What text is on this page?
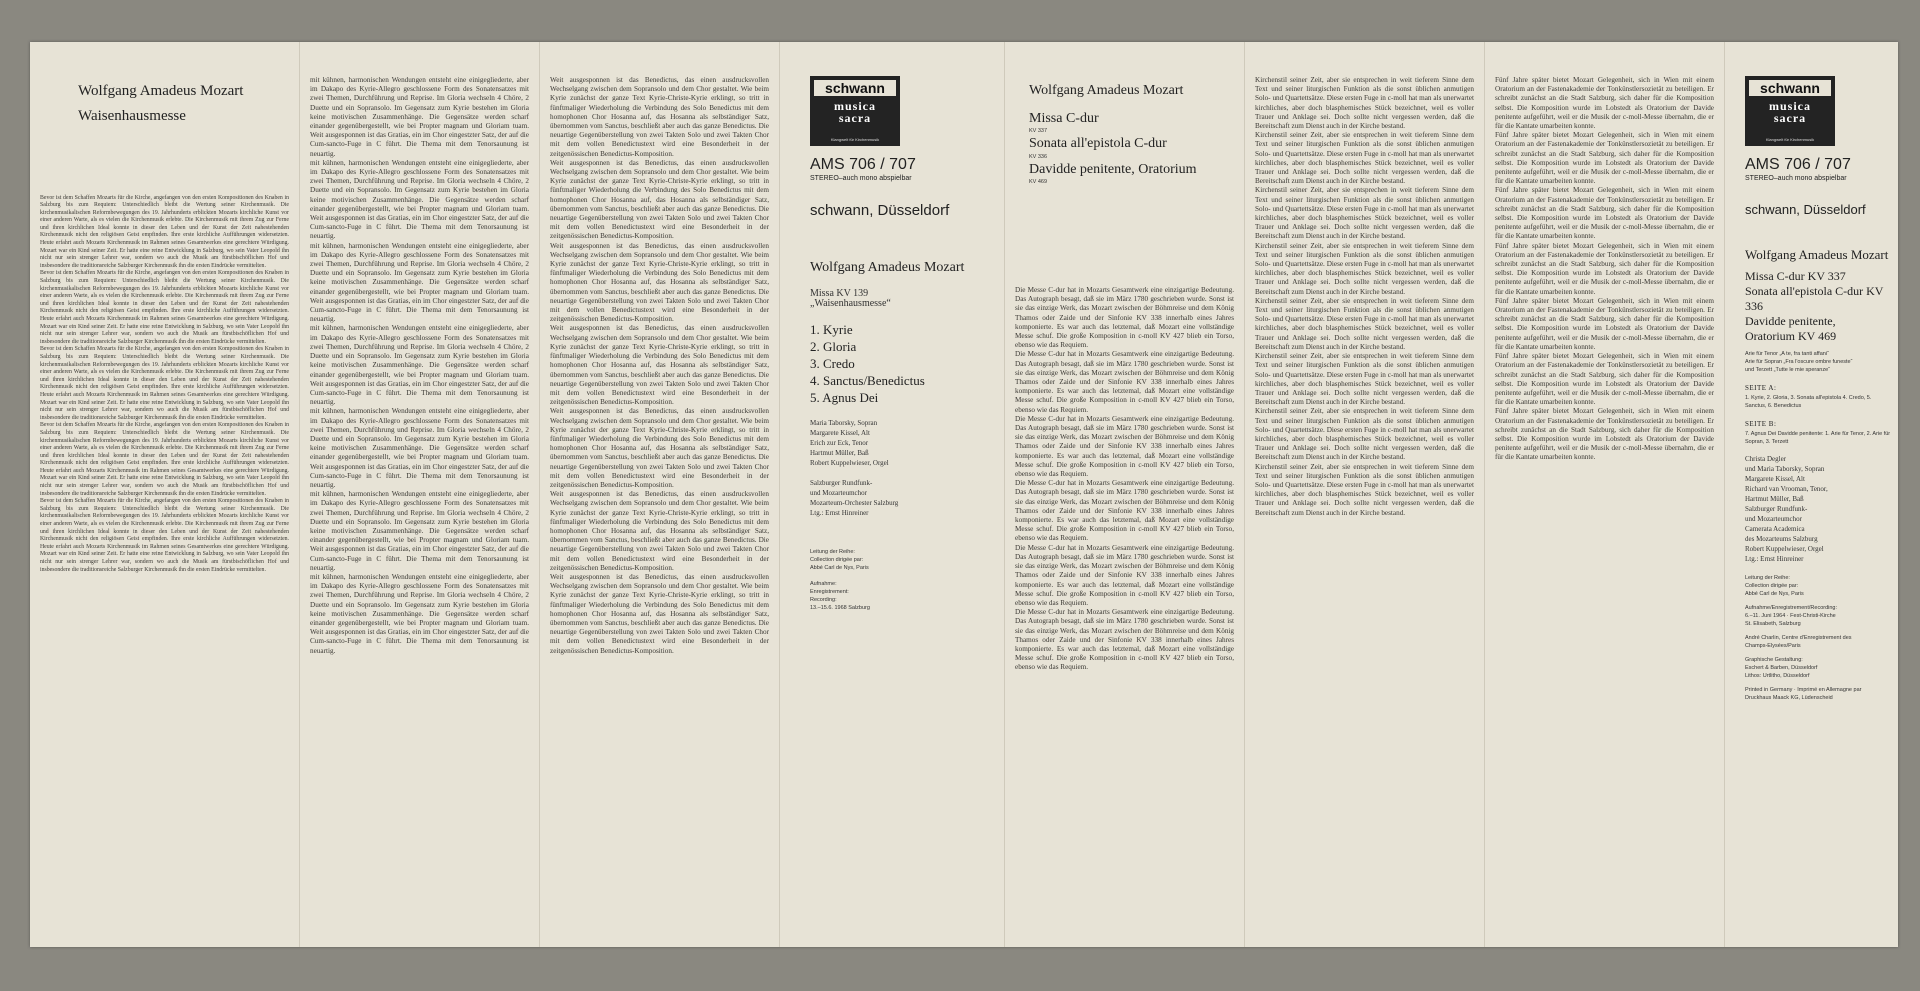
Wolfgang Amadeus Mozart
Waisenhausmesse

Bevor ist dem Schaffen Mozarts für die Kirche, angefangen von den ersten Kompositionen des Knaben in Salzburg bis zum Requiem: Unterschiedlich bleibt die Wertung seiner Kirchenmusik. Die kirchenmusikalischen Reformbewegungen des 19. Jahrhunderts erblickten Mozarts kirchliche Kunst vor einer anderen Warte, als es vielen die Kirchenmusik erlebte. Die Kirchenmusik mit ihrem Zug zur Ferne und ihren kirchlichen Ideal konnte in dieser den Leben und der Kunst der Zeit nahestehenden Kirchenmusik nicht den religiösen Geist empfinden. Ihre erste kirchliche Aufführungen widersetzten. Heute erfahrt auch Mozarts Kirchenmusik im Rahmen seines Gesamtwerkes eine gerechtere Würdigung. Mozart war ein Kind seiner Zeit. Er hatte eine reine Entwicklung in Salzburg, wo sein Vater Leopold ihn nicht nur sein strenger Lehrer war, sondern wo auch die Musik am fürstbischöflichen Hof und insbesondere die traditionsreiche Salzburger Kirchenmusik ihn die ersten Eindrücke vermittelten.

Bevor ist dem Schaffen Mozarts für die Kirche, angefangen von den ersten Kompositionen des Knaben in Salzburg bis zum Requiem: Unterschiedlich bleibt die Wertung seiner Kirchenmusik. Die kirchenmusikalischen Reformbewegungen des 19. Jahrhunderts erblickten Mozarts kirchliche Kunst vor einer anderen Warte, als es vielen die Kirchenmusik erlebte. Die Kirchenmusik mit ihrem Zug zur Ferne und ihren kirchlichen Ideal konnte in dieser den Leben und der Kunst der Zeit nahestehenden Kirchenmusik nicht den religiösen Geist empfinden. Ihre erste kirchliche Aufführungen widersetzten. Heute erfahrt auch Mozarts Kirchenmusik im Rahmen seines Gesamtwerkes eine gerechtere Würdigung. Mozart war ein Kind seiner Zeit. Er hatte eine reine Entwicklung in Salzburg, wo sein Vater Leopold ihn nicht nur sein strenger Lehrer war, sondern wo auch die Musik am fürstbischöflichen Hof und insbesondere die traditionsreiche Salzburger Kirchenmusik ihn die ersten Eindrücke vermittelten.

Bevor ist dem Schaffen Mozarts für die Kirche, angefangen von den ersten Kompositionen des Knaben in Salzburg bis zum Requiem: Unterschiedlich bleibt die Wertung seiner Kirchenmusik. Die kirchenmusikalischen Reformbewegungen des 19. Jahrhunderts erblickten Mozarts kirchliche Kunst vor einer anderen Warte, als es vielen die Kirchenmusik erlebte. Die Kirchenmusik mit ihrem Zug zur Ferne und ihren kirchlichen Ideal konnte in dieser den Leben und der Kunst der Zeit nahestehenden Kirchenmusik nicht den religiösen Geist empfinden. Ihre erste kirchliche Aufführungen widersetzten. Heute erfahrt auch Mozarts Kirchenmusik im Rahmen seines Gesamtwerkes eine gerechtere Würdigung. Mozart war ein Kind seiner Zeit. Er hatte eine reine Entwicklung in Salzburg, wo sein Vater Leopold ihn nicht nur sein strenger Lehrer war, sondern wo auch die Musik am fürstbischöflichen Hof und insbesondere die traditionsreiche Salzburger Kirchenmusik ihn die ersten Eindrücke vermittelten.

Bevor ist dem Schaffen Mozarts für die Kirche, angefangen von den ersten Kompositionen des Knaben in Salzburg bis zum Requiem: Unterschiedlich bleibt die Wertung seiner Kirchenmusik. Die kirchenmusikalischen Reformbewegungen des 19. Jahrhunderts erblickten Mozarts kirchliche Kunst vor einer anderen Warte, als es vielen die Kirchenmusik erlebte. Die Kirchenmusik mit ihrem Zug zur Ferne und ihren kirchlichen Ideal konnte in dieser den Leben und der Kunst der Zeit nahestehenden Kirchenmusik nicht den religiösen Geist empfinden. Ihre erste kirchliche Aufführungen widersetzten. Heute erfahrt auch Mozarts Kirchenmusik im Rahmen seines Gesamtwerkes eine gerechtere Würdigung. Mozart war ein Kind seiner Zeit. Er hatte eine reine Entwicklung in Salzburg, wo sein Vater Leopold ihn nicht nur sein strenger Lehrer war, sondern wo auch die Musik am fürstbischöflichen Hof und insbesondere die traditionsreiche Salzburger Kirchenmusik ihn die ersten Eindrücke vermittelten.

Bevor ist dem Schaffen Mozarts für die Kirche, angefangen von den ersten Kompositionen des Knaben in Salzburg bis zum Requiem: Unterschiedlich bleibt die Wertung seiner Kirchenmusik. Die kirchenmusikalischen Reformbewegungen des 19. Jahrhunderts erblickten Mozarts kirchliche Kunst vor einer anderen Warte, als es vielen die Kirchenmusik erlebte. Die Kirchenmusik mit ihrem Zug zur Ferne und ihren kirchlichen Ideal konnte in dieser den Leben und der Kunst der Zeit nahestehenden Kirchenmusik nicht den religiösen Geist empfinden. Ihre erste kirchliche Aufführungen widersetzten. Heute erfahrt auch Mozarts Kirchenmusik im Rahmen seines Gesamtwerkes eine gerechtere Würdigung. Mozart war ein Kind seiner Zeit. Er hatte eine reine Entwicklung in Salzburg, wo sein Vater Leopold ihn nicht nur sein strenger Lehrer war, sondern wo auch die Musik am fürstbischöflichen Hof und insbesondere die traditionsreiche Salzburger Kirchenmusik ihn die ersten Eindrücke vermittelten.

mit kühnen, harmonischen Wendungen entsteht eine einigegliederte, aber im Dakapo des Kyrie-Allegro geschlossene Form des Sonatensatzes mit zwei Themen, Durchführung und Reprise. Im Gloria wechseln 4 Chöre, 2 Duette und ein Sopransolo. Im Gegensatz zum Kyrie bestehen im Gloria keine motivischen Zusammenhänge. Die Gegensätze werden scharf einander gegenübergestellt, wie bei Propter magnam und Gloriam tuam. Weit ausgesponnen ist das Gratias, ein im Chor eingestzter Satz, der auf die Cum-sancto-Fuge in C führt. Die Thema mit dem Tenorsaunung ist neuartig.

mit kühnen, harmonischen Wendungen entsteht eine einigegliederte, aber im Dakapo des Kyrie-Allegro geschlossene Form des Sonatensatzes mit zwei Themen, Durchführung und Reprise. Im Gloria wechseln 4 Chöre, 2 Duette und ein Sopransolo. Im Gegensatz zum Kyrie bestehen im Gloria keine motivischen Zusammenhänge. Die Gegensätze werden scharf einander gegenübergestellt, wie bei Propter magnam und Gloriam tuam. Weit ausgesponnen ist das Gratias, ein im Chor eingestzter Satz, der auf die Cum-sancto-Fuge in C führt. Die Thema mit dem Tenorsaunung ist neuartig.

mit kühnen, harmonischen Wendungen entsteht eine einigegliederte, aber im Dakapo des Kyrie-Allegro geschlossene Form des Sonatensatzes mit zwei Themen, Durchführung und Reprise. Im Gloria wechseln 4 Chöre, 2 Duette und ein Sopransolo. Im Gegensatz zum Kyrie bestehen im Gloria keine motivischen Zusammenhänge. Die Gegensätze werden scharf einander gegenübergestellt, wie bei Propter magnam und Gloriam tuam. Weit ausgesponnen ist das Gratias, ein im Chor eingestzter Satz, der auf die Cum-sancto-Fuge in C führt. Die Thema mit dem Tenorsaunung ist neuartig.

mit kühnen, harmonischen Wendungen entsteht eine einigegliederte, aber im Dakapo des Kyrie-Allegro geschlossene Form des Sonatensatzes mit zwei Themen, Durchführung und Reprise. Im Gloria wechseln 4 Chöre, 2 Duette und ein Sopransolo. Im Gegensatz zum Kyrie bestehen im Gloria keine motivischen Zusammenhänge. Die Gegensätze werden scharf einander gegenübergestellt, wie bei Propter magnam und Gloriam tuam. Weit ausgesponnen ist das Gratias, ein im Chor eingestzter Satz, der auf die Cum-sancto-Fuge in C führt. Die Thema mit dem Tenorsaunung ist neuartig.

mit kühnen, harmonischen Wendungen entsteht eine einigegliederte, aber im Dakapo des Kyrie-Allegro geschlossene Form des Sonatensatzes mit zwei Themen, Durchführung und Reprise. Im Gloria wechseln 4 Chöre, 2 Duette und ein Sopransolo. Im Gegensatz zum Kyrie bestehen im Gloria keine motivischen Zusammenhänge. Die Gegensätze werden scharf einander gegenübergestellt, wie bei Propter magnam und Gloriam tuam. Weit ausgesponnen ist das Gratias, ein im Chor eingestzter Satz, der auf die Cum-sancto-Fuge in C führt. Die Thema mit dem Tenorsaunung ist neuartig.

mit kühnen, harmonischen Wendungen entsteht eine einigegliederte, aber im Dakapo des Kyrie-Allegro geschlossene Form des Sonatensatzes mit zwei Themen, Durchführung und Reprise. Im Gloria wechseln 4 Chöre, 2 Duette und ein Sopransolo. Im Gegensatz zum Kyrie bestehen im Gloria keine motivischen Zusammenhänge. Die Gegensätze werden scharf einander gegenübergestellt, wie bei Propter magnam und Gloriam tuam. Weit ausgesponnen ist das Gratias, ein im Chor eingestzter Satz, der auf die Cum-sancto-Fuge in C führt. Die Thema mit dem Tenorsaunung ist neuartig.

mit kühnen, harmonischen Wendungen entsteht eine einigegliederte, aber im Dakapo des Kyrie-Allegro geschlossene Form des Sonatensatzes mit zwei Themen, Durchführung und Reprise. Im Gloria wechseln 4 Chöre, 2 Duette und ein Sopransolo. Im Gegensatz zum Kyrie bestehen im Gloria keine motivischen Zusammenhänge. Die Gegensätze werden scharf einander gegenübergestellt, wie bei Propter magnam und Gloriam tuam. Weit ausgesponnen ist das Gratias, ein im Chor eingestzter Satz, der auf die Cum-sancto-Fuge in C führt. Die Thema mit dem Tenorsaunung ist neuartig.

Weit ausgesponnen ist das Benedictus, das einen ausdrucksvollen Wechselgang zwischen dem Sopransolo und dem Chor gestaltet. Wie beim Kyrie zunächst der ganze Text Kyrie-Christe-Kyrie erklingt, so tritt in fünftmaliger Wiederholung die Verbindung des Solo Benedictus mit dem homophonen Chor Hosanna auf, das Hosanna als selbständiger Satz, übernommen vom Sanctus, beschließt aber auch das ganze Benedictus. Die neuartige Gegenüberstellung von zwei Takten Solo und zwei Takten Chor mit dem vollen Benedictustext wird eine Besonderheit in der zeitgenössischen Benedictus-Komposition.

Weit ausgesponnen ist das Benedictus, das einen ausdrucksvollen Wechselgang zwischen dem Sopransolo und dem Chor gestaltet. Wie beim Kyrie zunächst der ganze Text Kyrie-Christe-Kyrie erklingt, so tritt in fünftmaliger Wiederholung die Verbindung des Solo Benedictus mit dem homophonen Chor Hosanna auf, das Hosanna als selbständiger Satz, übernommen vom Sanctus, beschließt aber auch das ganze Benedictus. Die neuartige Gegenüberstellung von zwei Takten Solo und zwei Takten Chor mit dem vollen Benedictustext wird eine Besonderheit in der zeitgenössischen Benedictus-Komposition.

Weit ausgesponnen ist das Benedictus, das einen ausdrucksvollen Wechselgang zwischen dem Sopransolo und dem Chor gestaltet. Wie beim Kyrie zunächst der ganze Text Kyrie-Christe-Kyrie erklingt, so tritt in fünftmaliger Wiederholung die Verbindung des Solo Benedictus mit dem homophonen Chor Hosanna auf, das Hosanna als selbständiger Satz, übernommen vom Sanctus, beschließt aber auch das ganze Benedictus. Die neuartige Gegenüberstellung von zwei Takten Solo und zwei Takten Chor mit dem vollen Benedictustext wird eine Besonderheit in der zeitgenössischen Benedictus-Komposition.

Weit ausgesponnen ist das Benedictus, das einen ausdrucksvollen Wechselgang zwischen dem Sopransolo und dem Chor gestaltet. Wie beim Kyrie zunächst der ganze Text Kyrie-Christe-Kyrie erklingt, so tritt in fünftmaliger Wiederholung die Verbindung des Solo Benedictus mit dem homophonen Chor Hosanna auf, das Hosanna als selbständiger Satz, übernommen vom Sanctus, beschließt aber auch das ganze Benedictus. Die neuartige Gegenüberstellung von zwei Takten Solo und zwei Takten Chor mit dem vollen Benedictustext wird eine Besonderheit in der zeitgenössischen Benedictus-Komposition.

Weit ausgesponnen ist das Benedictus, das einen ausdrucksvollen Wechselgang zwischen dem Sopransolo und dem Chor gestaltet. Wie beim Kyrie zunächst der ganze Text Kyrie-Christe-Kyrie erklingt, so tritt in fünftmaliger Wiederholung die Verbindung des Solo Benedictus mit dem homophonen Chor Hosanna auf, das Hosanna als selbständiger Satz, übernommen vom Sanctus, beschließt aber auch das ganze Benedictus. Die neuartige Gegenüberstellung von zwei Takten Solo und zwei Takten Chor mit dem vollen Benedictustext wird eine Besonderheit in der zeitgenössischen Benedictus-Komposition.

Weit ausgesponnen ist das Benedictus, das einen ausdrucksvollen Wechselgang zwischen dem Sopransolo und dem Chor gestaltet. Wie beim Kyrie zunächst der ganze Text Kyrie-Christe-Kyrie erklingt, so tritt in fünftmaliger Wiederholung die Verbindung des Solo Benedictus mit dem homophonen Chor Hosanna auf, das Hosanna als selbständiger Satz, übernommen vom Sanctus, beschließt aber auch das ganze Benedictus. Die neuartige Gegenüberstellung von zwei Takten Solo und zwei Takten Chor mit dem vollen Benedictustext wird eine Besonderheit in der zeitgenössischen Benedictus-Komposition.

Weit ausgesponnen ist das Benedictus, das einen ausdrucksvollen Wechselgang zwischen dem Sopransolo und dem Chor gestaltet. Wie beim Kyrie zunächst der ganze Text Kyrie-Christe-Kyrie erklingt, so tritt in fünftmaliger Wiederholung die Verbindung des Solo Benedictus mit dem homophonen Chor Hosanna auf, das Hosanna als selbständiger Satz, übernommen vom Sanctus, beschließt aber auch das ganze Benedictus. Die neuartige Gegenüberstellung von zwei Takten Solo und zwei Takten Chor mit dem vollen Benedictustext wird eine Besonderheit in der zeitgenössischen Benedictus-Komposition.

schwann
musica sacra
Klangwelt für Kirchenmusik
AMS 706 / 707
STEREO–auch mono abspielbar
schwann, Düsseldorf

Wolfgang Amadeus Mozart

Missa KV 139

„Waisenhausmesse“

1. Kyrie
2. Gloria
3. Credo
4. Sanctus/Benedictus
5. Agnus Dei

Maria Taborsky, Sopran

Margarete Kissel, Alt

Erich zur Eck, Tenor

Hartmut Müller, Baß

Robert Kuppelwieser, Orgel

Salzburger Rundfunk-

und Mozarteumchor

Mozarteum-Orchester Salzburg

Ltg.: Ernst Hinreiner

Leitung der Reihe:

Collection dirigée par:

Abbé Carl de Nys, Paris

Aufnahme:

Enregistrement:

Recording:

13.–15.6. 1968 Salzburg

Wolfgang Amadeus Mozart

Missa C-dur

KV 337

Sonata all'epistola C-dur

KV 336

Davidde penitente, Oratorium

KV 469

Die Messe C-dur hat in Mozarts Gesamtwerk eine einzigartige Bedeutung. Das Autograph besagt, daß sie im März 1780 geschrieben wurde. Sonst ist sie das einzige Werk, das Mozart zwischen der Böhmreise und dem König Thamos oder Zaide und der Sinfonie KV 338 innerhalb eines Jahres komponierte. Es war auch das letztemal, daß Mozart eine vollständige Messe schuf. Die große Komposition in c-moll KV 427 blieb ein Torso, ebenso wie das Requiem.

Die Messe C-dur hat in Mozarts Gesamtwerk eine einzigartige Bedeutung. Das Autograph besagt, daß sie im März 1780 geschrieben wurde. Sonst ist sie das einzige Werk, das Mozart zwischen der Böhmreise und dem König Thamos oder Zaide und der Sinfonie KV 338 innerhalb eines Jahres komponierte. Es war auch das letztemal, daß Mozart eine vollständige Messe schuf. Die große Komposition in c-moll KV 427 blieb ein Torso, ebenso wie das Requiem.

Die Messe C-dur hat in Mozarts Gesamtwerk eine einzigartige Bedeutung. Das Autograph besagt, daß sie im März 1780 geschrieben wurde. Sonst ist sie das einzige Werk, das Mozart zwischen der Böhmreise und dem König Thamos oder Zaide und der Sinfonie KV 338 innerhalb eines Jahres komponierte. Es war auch das letztemal, daß Mozart eine vollständige Messe schuf. Die große Komposition in c-moll KV 427 blieb ein Torso, ebenso wie das Requiem.

Die Messe C-dur hat in Mozarts Gesamtwerk eine einzigartige Bedeutung. Das Autograph besagt, daß sie im März 1780 geschrieben wurde. Sonst ist sie das einzige Werk, das Mozart zwischen der Böhmreise und dem König Thamos oder Zaide und der Sinfonie KV 338 innerhalb eines Jahres komponierte. Es war auch das letztemal, daß Mozart eine vollständige Messe schuf. Die große Komposition in c-moll KV 427 blieb ein Torso, ebenso wie das Requiem.

Die Messe C-dur hat in Mozarts Gesamtwerk eine einzigartige Bedeutung. Das Autograph besagt, daß sie im März 1780 geschrieben wurde. Sonst ist sie das einzige Werk, das Mozart zwischen der Böhmreise und dem König Thamos oder Zaide und der Sinfonie KV 338 innerhalb eines Jahres komponierte. Es war auch das letztemal, daß Mozart eine vollständige Messe schuf. Die große Komposition in c-moll KV 427 blieb ein Torso, ebenso wie das Requiem.

Die Messe C-dur hat in Mozarts Gesamtwerk eine einzigartige Bedeutung. Das Autograph besagt, daß sie im März 1780 geschrieben wurde. Sonst ist sie das einzige Werk, das Mozart zwischen der Böhmreise und dem König Thamos oder Zaide und der Sinfonie KV 338 innerhalb eines Jahres komponierte. Es war auch das letztemal, daß Mozart eine vollständige Messe schuf. Die große Komposition in c-moll KV 427 blieb ein Torso, ebenso wie das Requiem.

Kirchenstil seiner Zeit, aber sie entsprechen in weit tieferem Sinne dem Text und seiner liturgischen Funktion als die sonst üblichen anmutigen Solo- und Quartettsätze. Diese ersten Fuge in c-moll hat man als unerwartet kirchliches, aber doch blasphemisches Stück bezeichnet, weil es voller Trauer und Anklage sei. Doch sollte nicht vergessen werden, daß die Bereitschaft zum Dienst auch in der Kirche bestand.

Kirchenstil seiner Zeit, aber sie entsprechen in weit tieferem Sinne dem Text und seiner liturgischen Funktion als die sonst üblichen anmutigen Solo- und Quartettsätze. Diese ersten Fuge in c-moll hat man als unerwartet kirchliches, aber doch blasphemisches Stück bezeichnet, weil es voller Trauer und Anklage sei. Doch sollte nicht vergessen werden, daß die Bereitschaft zum Dienst auch in der Kirche bestand.

Kirchenstil seiner Zeit, aber sie entsprechen in weit tieferem Sinne dem Text und seiner liturgischen Funktion als die sonst üblichen anmutigen Solo- und Quartettsätze. Diese ersten Fuge in c-moll hat man als unerwartet kirchliches, aber doch blasphemisches Stück bezeichnet, weil es voller Trauer und Anklage sei. Doch sollte nicht vergessen werden, daß die Bereitschaft zum Dienst auch in der Kirche bestand.

Kirchenstil seiner Zeit, aber sie entsprechen in weit tieferem Sinne dem Text und seiner liturgischen Funktion als die sonst üblichen anmutigen Solo- und Quartettsätze. Diese ersten Fuge in c-moll hat man als unerwartet kirchliches, aber doch blasphemisches Stück bezeichnet, weil es voller Trauer und Anklage sei. Doch sollte nicht vergessen werden, daß die Bereitschaft zum Dienst auch in der Kirche bestand.

Kirchenstil seiner Zeit, aber sie entsprechen in weit tieferem Sinne dem Text und seiner liturgischen Funktion als die sonst üblichen anmutigen Solo- und Quartettsätze. Diese ersten Fuge in c-moll hat man als unerwartet kirchliches, aber doch blasphemisches Stück bezeichnet, weil es voller Trauer und Anklage sei. Doch sollte nicht vergessen werden, daß die Bereitschaft zum Dienst auch in der Kirche bestand.

Kirchenstil seiner Zeit, aber sie entsprechen in weit tieferem Sinne dem Text und seiner liturgischen Funktion als die sonst üblichen anmutigen Solo- und Quartettsätze. Diese ersten Fuge in c-moll hat man als unerwartet kirchliches, aber doch blasphemisches Stück bezeichnet, weil es voller Trauer und Anklage sei. Doch sollte nicht vergessen werden, daß die Bereitschaft zum Dienst auch in der Kirche bestand.

Kirchenstil seiner Zeit, aber sie entsprechen in weit tieferem Sinne dem Text und seiner liturgischen Funktion als die sonst üblichen anmutigen Solo- und Quartettsätze. Diese ersten Fuge in c-moll hat man als unerwartet kirchliches, aber doch blasphemisches Stück bezeichnet, weil es voller Trauer und Anklage sei. Doch sollte nicht vergessen werden, daß die Bereitschaft zum Dienst auch in der Kirche bestand.

Kirchenstil seiner Zeit, aber sie entsprechen in weit tieferem Sinne dem Text und seiner liturgischen Funktion als die sonst üblichen anmutigen Solo- und Quartettsätze. Diese ersten Fuge in c-moll hat man als unerwartet kirchliches, aber doch blasphemisches Stück bezeichnet, weil es voller Trauer und Anklage sei. Doch sollte nicht vergessen werden, daß die Bereitschaft zum Dienst auch in der Kirche bestand.

Fünf Jahre später bietet Mozart Gelegenheit, sich in Wien mit einem Oratorium an der Fastenakademie der Tonkünstlersozietät zu beteiligen. Er schreibt zunächst an die Stadt Salzburg, sich daher für die Komposition selbst. Die Komposition wurde im Lobstedt als Oratorium der Davide penitente aufgeführt, weil er die Musik der c-moll-Messe übernahm, die er für die Kantate umarbeiten konnte.

Fünf Jahre später bietet Mozart Gelegenheit, sich in Wien mit einem Oratorium an der Fastenakademie der Tonkünstlersozietät zu beteiligen. Er schreibt zunächst an die Stadt Salzburg, sich daher für die Komposition selbst. Die Komposition wurde im Lobstedt als Oratorium der Davide penitente aufgeführt, weil er die Musik der c-moll-Messe übernahm, die er für die Kantate umarbeiten konnte.

Fünf Jahre später bietet Mozart Gelegenheit, sich in Wien mit einem Oratorium an der Fastenakademie der Tonkünstlersozietät zu beteiligen. Er schreibt zunächst an die Stadt Salzburg, sich daher für die Komposition selbst. Die Komposition wurde im Lobstedt als Oratorium der Davide penitente aufgeführt, weil er die Musik der c-moll-Messe übernahm, die er für die Kantate umarbeiten konnte.

Fünf Jahre später bietet Mozart Gelegenheit, sich in Wien mit einem Oratorium an der Fastenakademie der Tonkünstlersozietät zu beteiligen. Er schreibt zunächst an die Stadt Salzburg, sich daher für die Komposition selbst. Die Komposition wurde im Lobstedt als Oratorium der Davide penitente aufgeführt, weil er die Musik der c-moll-Messe übernahm, die er für die Kantate umarbeiten konnte.

Fünf Jahre später bietet Mozart Gelegenheit, sich in Wien mit einem Oratorium an der Fastenakademie der Tonkünstlersozietät zu beteiligen. Er schreibt zunächst an die Stadt Salzburg, sich daher für die Komposition selbst. Die Komposition wurde im Lobstedt als Oratorium der Davide penitente aufgeführt, weil er die Musik der c-moll-Messe übernahm, die er für die Kantate umarbeiten konnte.

Fünf Jahre später bietet Mozart Gelegenheit, sich in Wien mit einem Oratorium an der Fastenakademie der Tonkünstlersozietät zu beteiligen. Er schreibt zunächst an die Stadt Salzburg, sich daher für die Komposition selbst. Die Komposition wurde im Lobstedt als Oratorium der Davide penitente aufgeführt, weil er die Musik der c-moll-Messe übernahm, die er für die Kantate umarbeiten konnte.

Fünf Jahre später bietet Mozart Gelegenheit, sich in Wien mit einem Oratorium an der Fastenakademie der Tonkünstlersozietät zu beteiligen. Er schreibt zunächst an die Stadt Salzburg, sich daher für die Komposition selbst. Die Komposition wurde im Lobstedt als Oratorium der Davide penitente aufgeführt, weil er die Musik der c-moll-Messe übernahm, die er für die Kantate umarbeiten konnte.

schwann
musica sacra
Klangwelt für Kirchenmusik
AMS 706 / 707
STEREO–auch mono abspielbar
schwann, Düsseldorf

Wolfgang Amadeus Mozart

Missa C-dur KV 337

Sonata all'epistola C-dur KV 336

Davidde penitente,

Oratorium KV 469

Arie für Tenor „A te, fra tanti affani“

Arie für Sopran „Fra l'oscure ombre funeste“

und Terzett „Tutte le mie speranze“

SEITE A:

1. Kyrie, 2. Gloria, 3. Sonata all'epistola 4. Credo, 5. Sanctus, 6. Benedictus

SEITE B:

7. Agnus Dei Davidde penitente: 1. Arie für Tenor, 2. Arie für Sopran, 3. Terzett

Christa Degler

und Maria Taborsky, Sopran

Margarete Kissel, Alt

Richard van Vrooman, Tenor,

Hartmut Müller, Baß

Salzburger Rundfunk-

und Mozarteumchor

Camerata Academica

des Mozarteums Salzburg

Robert Kuppelwieser, Orgel

Ltg.: Ernst Hinreiner

Leitung der Reihe:

Collection dirigée par:

Abbé Carl de Nys, Paris

Aufnahme/Enregistrement/Recording:

6.–11. Juni 1964 · Fest-Christi-Kirche

St. Elisabeth, Salzburg

André Charlin, Centre d'Enregistrement des

Champs-Elysées/Paris

Graphische Gestaltung:

Eschert & Barben, Düsseldorf

Lithos: Urtlitho, Düsseldorf

Printed in Germany · Imprimé en Allemagne par

Druckhaus Maack KG, Lüdenscheid
